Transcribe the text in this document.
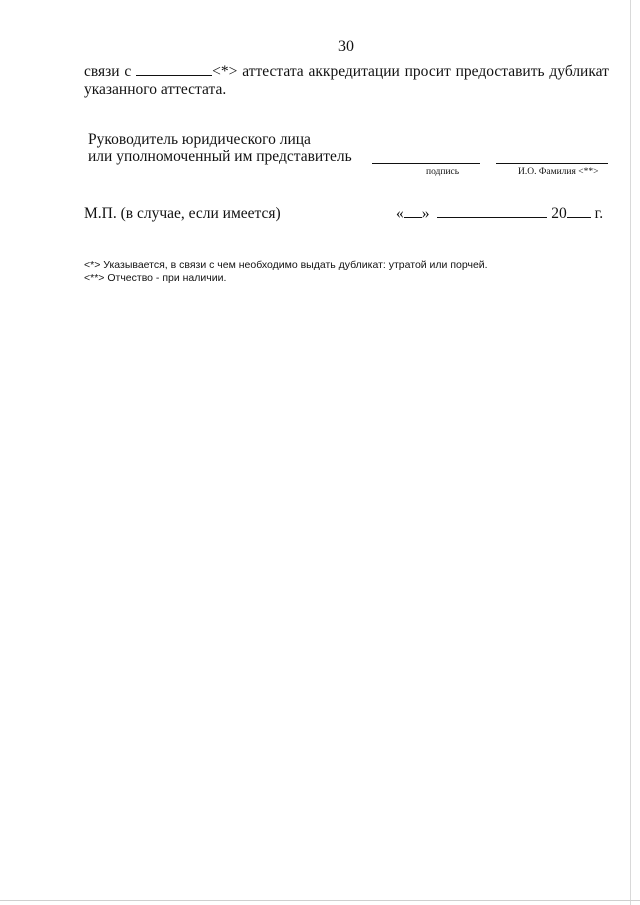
30
связи с	<*> аттестата аккредитации просит предоставить дубликат
указанного аттестата.
Руководитель юридического лица
или уполномоченный им представитель
подпись	И.О. Фамилия <**>
М.П. (в случае, если имеется)	« »	20 г.
<*> Указывается, в связи с чем необходимо выдать дубликат: утратой или порчей.
<**> Отчество - при наличии.
